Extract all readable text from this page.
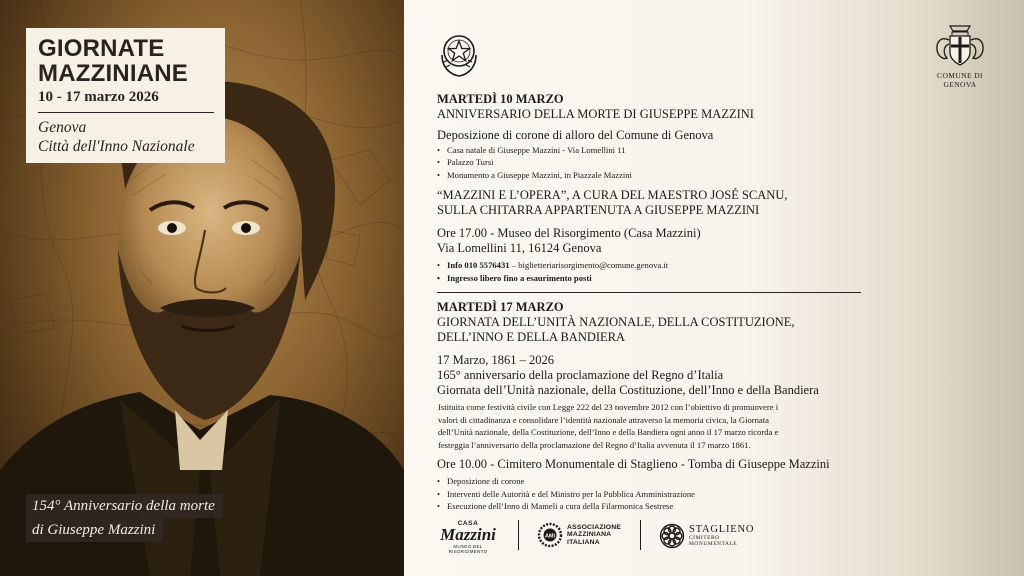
GIORNATE
MAZZINIANE
10 - 17 marzo 2026
Genova
Città dell'Inno Nazionale
154° Anniversario della morte
di Giuseppe Mazzini
COMUNE DI GENOVA
MARTEDÌ 10 MARZO
ANNIVERSARIO DELLA MORTE DI GIUSEPPE MAZZINI
Deposizione di corone di alloro del Comune di Genova
• Casa natale di Giuseppe Mazzini - Via Lomellini 11
• Palazzo Tursi
• Monumento a Giuseppe Mazzini, in Piazzale Mazzini
“MAZZINI E L’OPERA”, A CURA DEL MAESTRO JOSÉ SCANU,
SULLA CHITARRA APPARTENUTA A GIUSEPPE MAZZINI
Ore 17.00 - Museo del Risorgimento (Casa Mazzini)
Via Lomellini 11, 16124 Genova
• Info 010 5576431 – biglietteriarisorgimento@comune.genova.it
• Ingresso libero fino a esaurimento posti
MARTEDÌ 17 MARZO
GIORNATA DELL’UNITÀ NAZIONALE, DELLA COSTITUZIONE,
DELL’INNO E DELLA BANDIERA
17 Marzo, 1861 – 2026
165° anniversario della proclamazione del Regno d’Italia
Giornata dell’Unità nazionale, della Costituzione, dell’Inno e della Bandiera
Istituita come festività civile con Legge 222 del 23 novembre 2012 con l’obiettivo di promuovere i
valori di cittadinanza e consolidare l’identità nazionale attraverso la memoria civica, la Giornata
dell’Unità nazionale, della Costituzione, dell’Inno e della Bandiera ogni anno il 17 marzo ricorda e
festeggia l’anniversario della proclamazione del Regno d’Italia avvenuta il 17 marzo 1861.
Ore 10.00 - Cimitero Monumentale di Staglieno - Tomba di Giuseppe Mazzini
• Deposizione di corone
• Interventi delle Autorità e del Ministro per la Pubblica Amministrazione
• Esecuzione dell’Inno di Mameli a cura della Filarmonica Sestrese
CASA
Mazzini
MUSEO DEL RISORGIMENTO
AMI
ASSOCIAZIONE
MAZZINIANA
ITALIANA
STAGLIENO
CIMITERO
MONUMENTALE
